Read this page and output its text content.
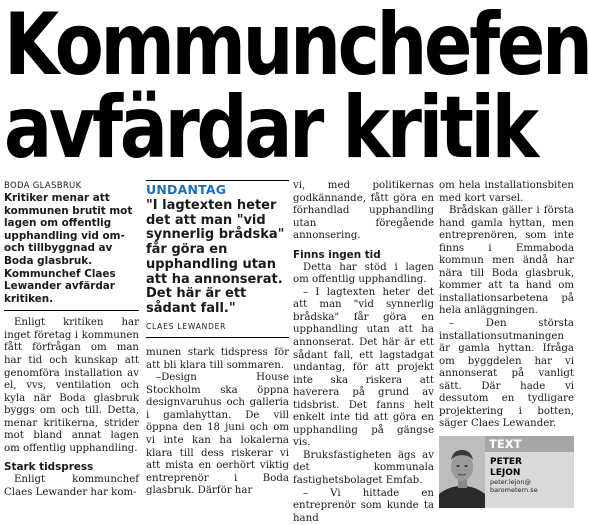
Kommunchefen
avfärdar kritik
BODA GLASBRUK
Kritiker menar att kommunen brutit mot lagen om offentlig upphandling vid om- och tillbyggnad av Boda glasbruk. Kommunchef Claes Lewander avfärdar kritiken.

Enligt kritiken har inget företag i kommunen fått förfrågan om man har tid och kunskap att genomföra installation av el, vvs, ventilation och kyla när Boda glasbruk byggs om och till. Detta, menar kritikerna, strider mot bland annat lagen om offentlig upphandling.

Stark tidspress

Enligt kommunchef Claes Lewander har kom-

UNDANTAG
"I lagtexten heter det att man "vid synnerlig brådska" får göra en upphandling utan att ha annonserat. Det här är ett sådant fall."
CLAES LEWANDER

munen stark tidspress för att bli klara till sommaren.

–Design House Stockholm ska öppna designvaruhus och galleria i gamlahyttan. De vill öppna den 18 juni och om vi inte kan ha lokalerna klara till dess riskerar vi att mista en oerhört viktig entreprenör i Boda glasbruk. Därför har

vi, med politikernas godkännande, fått göra en förhandlad upphandling utan föregående annonsering.

Finns ingen tid

Detta har stöd i lagen om offentlig upphandling.

– I lagtexten heter det att man "vid synnerlig brådska" får göra en upphandling utan att ha annonserat. Det här är ett sådant fall, ett lagstadgat undantag, för att projekt inte ska riskera att haverera på grund av tidsbrist. Det fanns helt enkelt inte tid att göra en upphandling på gängse vis.

Bruksfastigheten ägs av det kommunala fastighetsbolaget Emfab.

– Vi hittade en entreprenör som kunde ta hand

om hela installationsbiten med kort varsel.

Brådskan gäller i första hand gamla hyttan, men entreprenören, som inte finns i Emmaboda kommun men ändå har nära till Boda glasbruk, kommer att ta hand om installationsarbetena på hela anläggningen.

– Den största installationsutmaningen är gamla hyttan. Ifråga om byggdelen har vi annonserat på vanligt sätt. Där hade vi dessutom en tydligare projektering i botten, säger Claes Lewander.

TEXT
PETER
LEJON
peter.lejon@
barometern.se
